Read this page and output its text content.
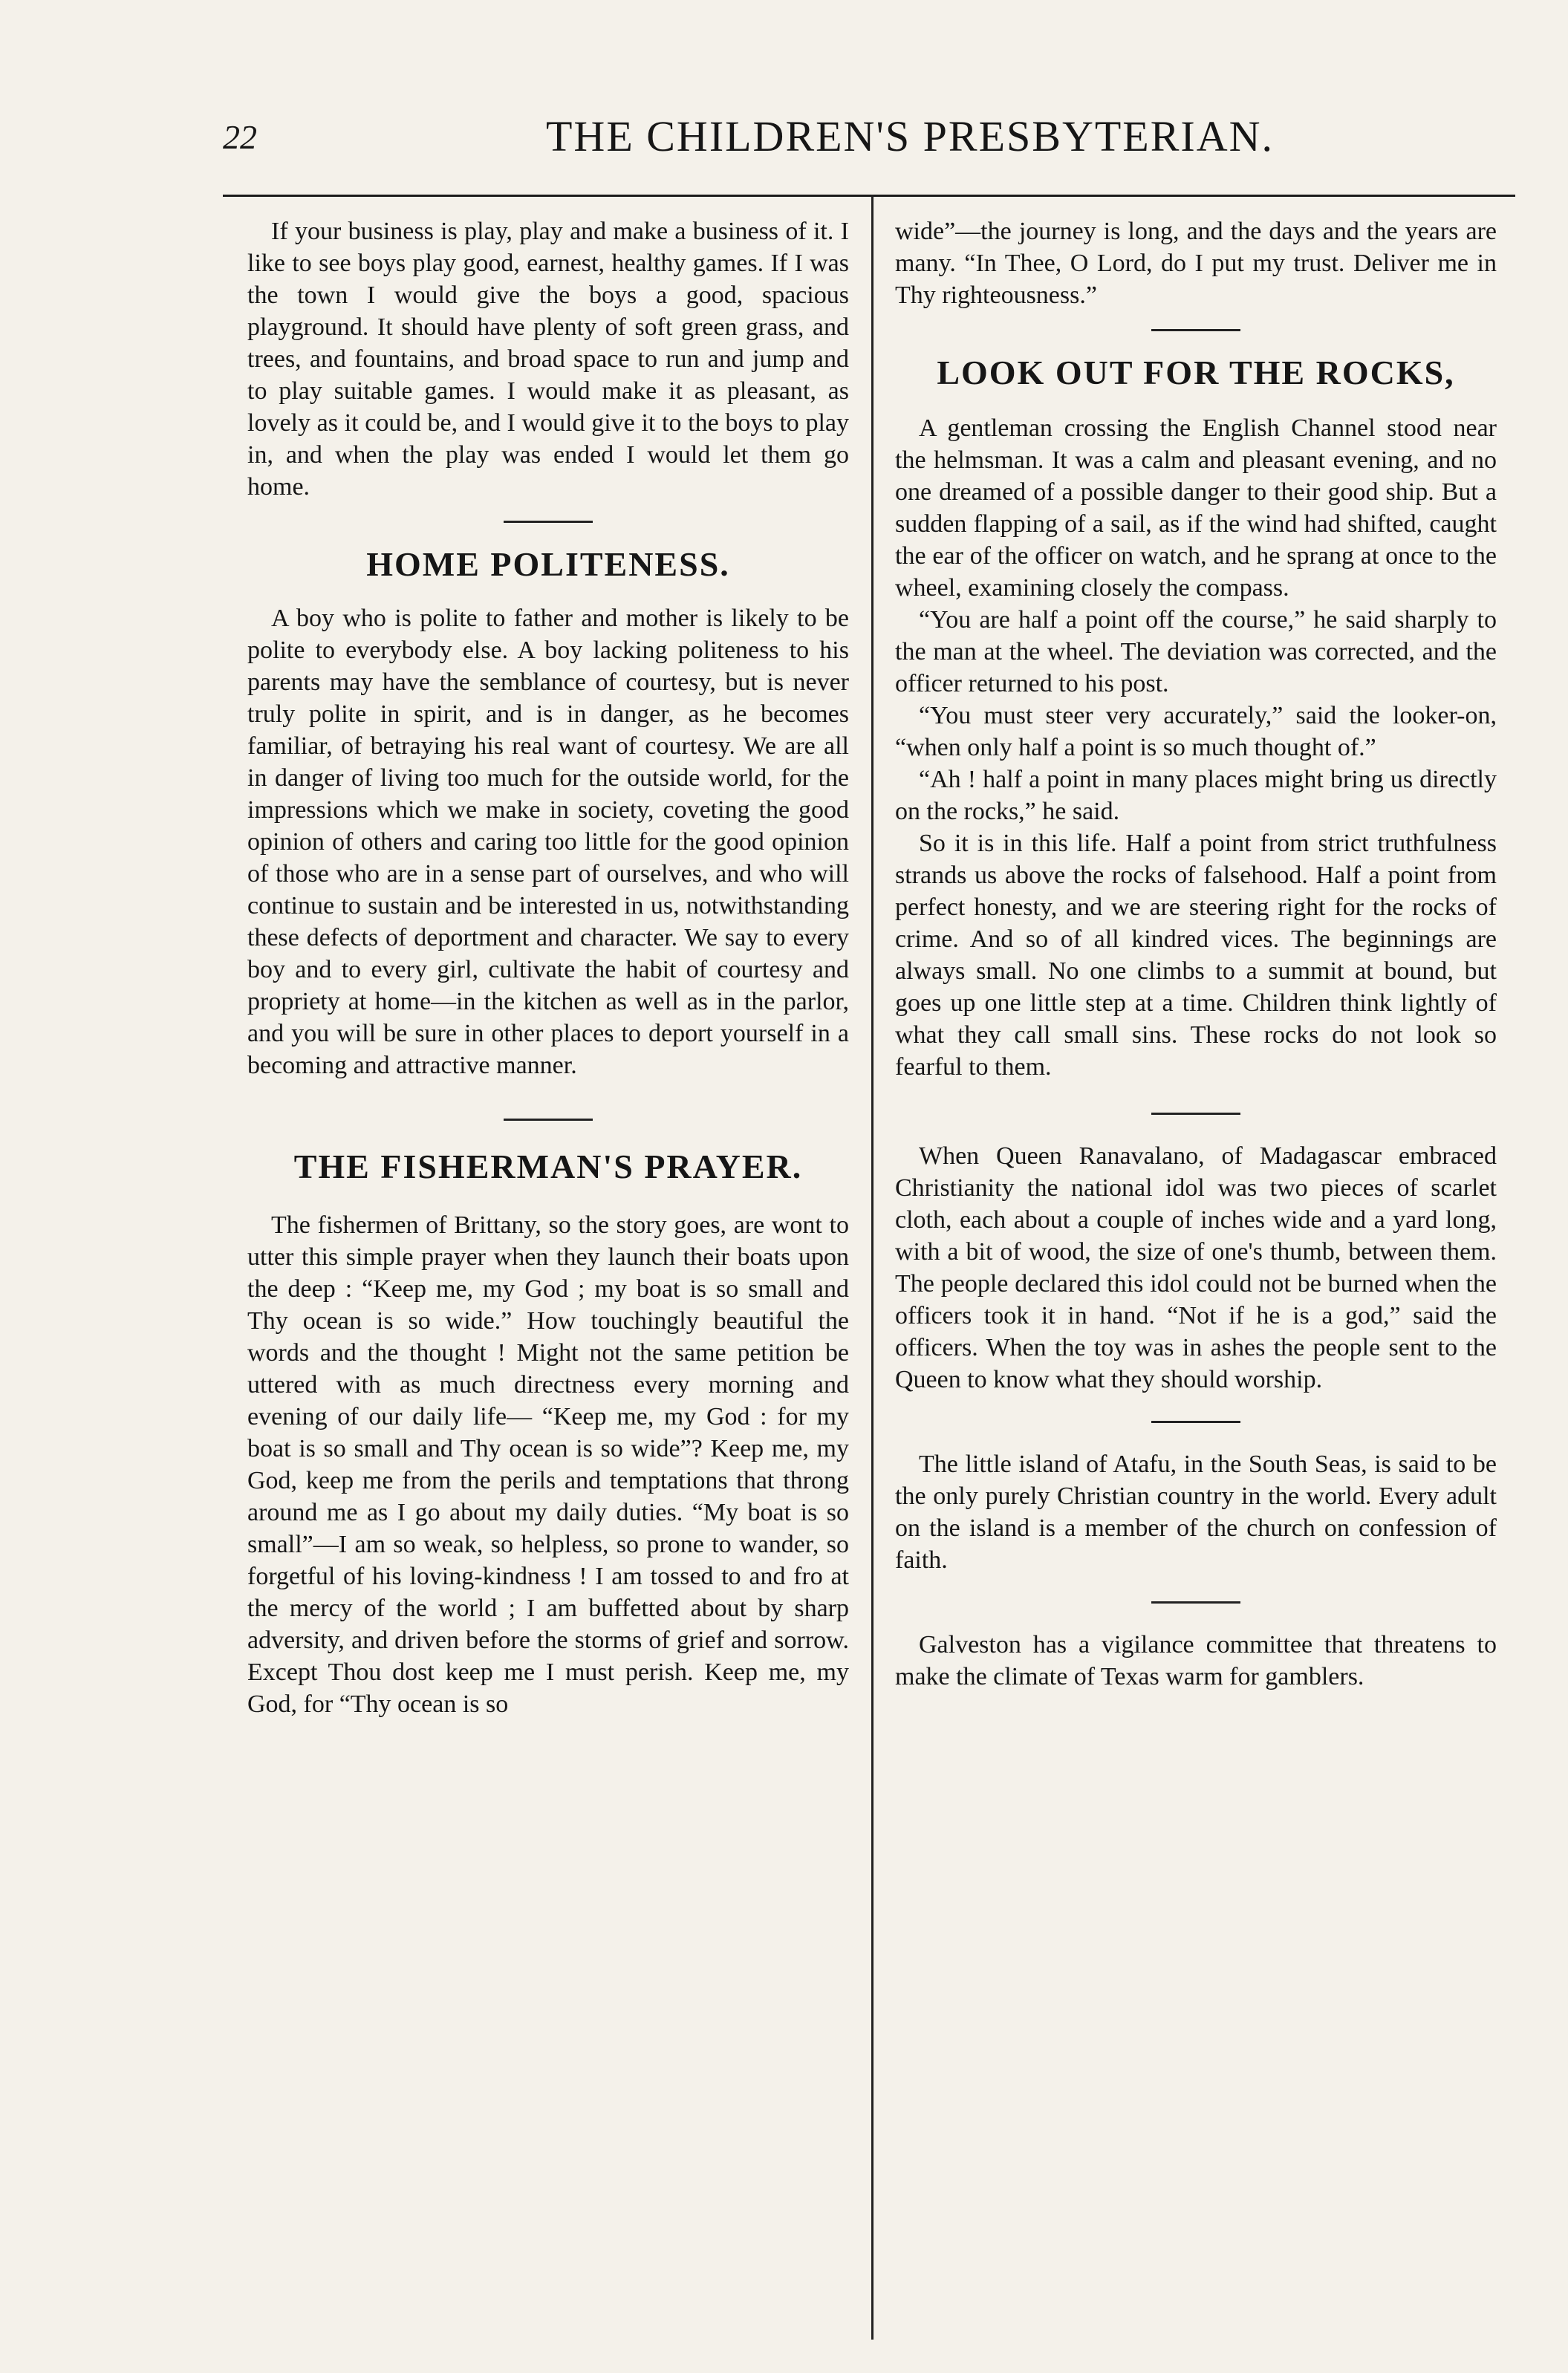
22	THE CHILDREN'S PRESBYTERIAN.

If your business is play, play and make a business of it. I like to see boys play good, earnest, healthy games. If I was the town I would give the boys a good, spacious playground. It should have plenty of soft green grass, and trees, and fountains, and broad space to run and jump and to play suitable games. I would make it as pleasant, as lovely as it could be, and I would give it to the boys to play in, and when the play was ended I would let them go home.

HOME POLITENESS.

A boy who is polite to father and mother is likely to be polite to everybody else. A boy lacking politeness to his parents may have the semblance of courtesy, but is never truly polite in spirit, and is in danger, as he becomes familiar, of betraying his real want of courtesy. We are all in danger of living too much for the outside world, for the impressions which we make in society, coveting the good opinion of others and caring too little for the good opinion of those who are in a sense part of ourselves, and who will continue to sustain and be interested in us, notwithstanding these defects of deportment and character. We say to every boy and to every girl, cultivate the habit of courtesy and propriety at home—in the kitchen as well as in the parlor, and you will be sure in other places to deport yourself in a becoming and attractive manner.

THE FISHERMAN'S PRAYER.

The fishermen of Brittany, so the story goes, are wont to utter this simple prayer when they launch their boats upon the deep : “Keep me, my God ; my boat is so small and Thy ocean is so wide.” How touchingly beautiful the words and the thought ! Might not the same petition be uttered with as much directness every morning and evening of our daily life— “Keep me, my God : for my boat is so small and Thy ocean is so wide”? Keep me, my God, keep me from the perils and temptations that throng around me as I go about my daily duties. “My boat is so small”—I am so weak, so helpless, so prone to wander, so forgetful of his loving-kindness ! I am tossed to and fro at the mercy of the world ; I am buffetted about by sharp adversity, and driven before the storms of grief and sorrow. Except Thou dost keep me I must perish. Keep me, my God, for “Thy ocean is so

wide”—the journey is long, and the days and the years are many. “In Thee, O Lord, do I put my trust. Deliver me in Thy righteousness.”

LOOK OUT FOR THE ROCKS,

A gentleman crossing the English Channel stood near the helmsman. It was a calm and pleasant evening, and no one dreamed of a possible danger to their good ship. But a sudden flapping of a sail, as if the wind had shifted, caught the ear of the officer on watch, and he sprang at once to the wheel, examining closely the compass.

“You are half a point off the course,” he said sharply to the man at the wheel. The deviation was corrected, and the officer returned to his post.

“You must steer very accurately,” said the looker-on, “when only half a point is so much thought of.”

“Ah ! half a point in many places might bring us directly on the rocks,” he said.

So it is in this life. Half a point from strict truthfulness strands us above the rocks of falsehood. Half a point from perfect honesty, and we are steering right for the rocks of crime. And so of all kindred vices. The beginnings are always small. No one climbs to a summit at bound, but goes up one little step at a time. Children think lightly of what they call small sins. These rocks do not look so fearful to them.

When Queen Ranavalano, of Madagascar embraced Christianity the national idol was two pieces of scarlet cloth, each about a couple of inches wide and a yard long, with a bit of wood, the size of one's thumb, between them. The people declared this idol could not be burned when the officers took it in hand. “Not if he is a god,” said the officers. When the toy was in ashes the people sent to the Queen to know what they should worship.

The little island of Atafu, in the South Seas, is said to be the only purely Christian country in the world. Every adult on the island is a member of the church on confession of faith.

Galveston has a vigilance committee that threatens to make the climate of Texas warm for gamblers.
